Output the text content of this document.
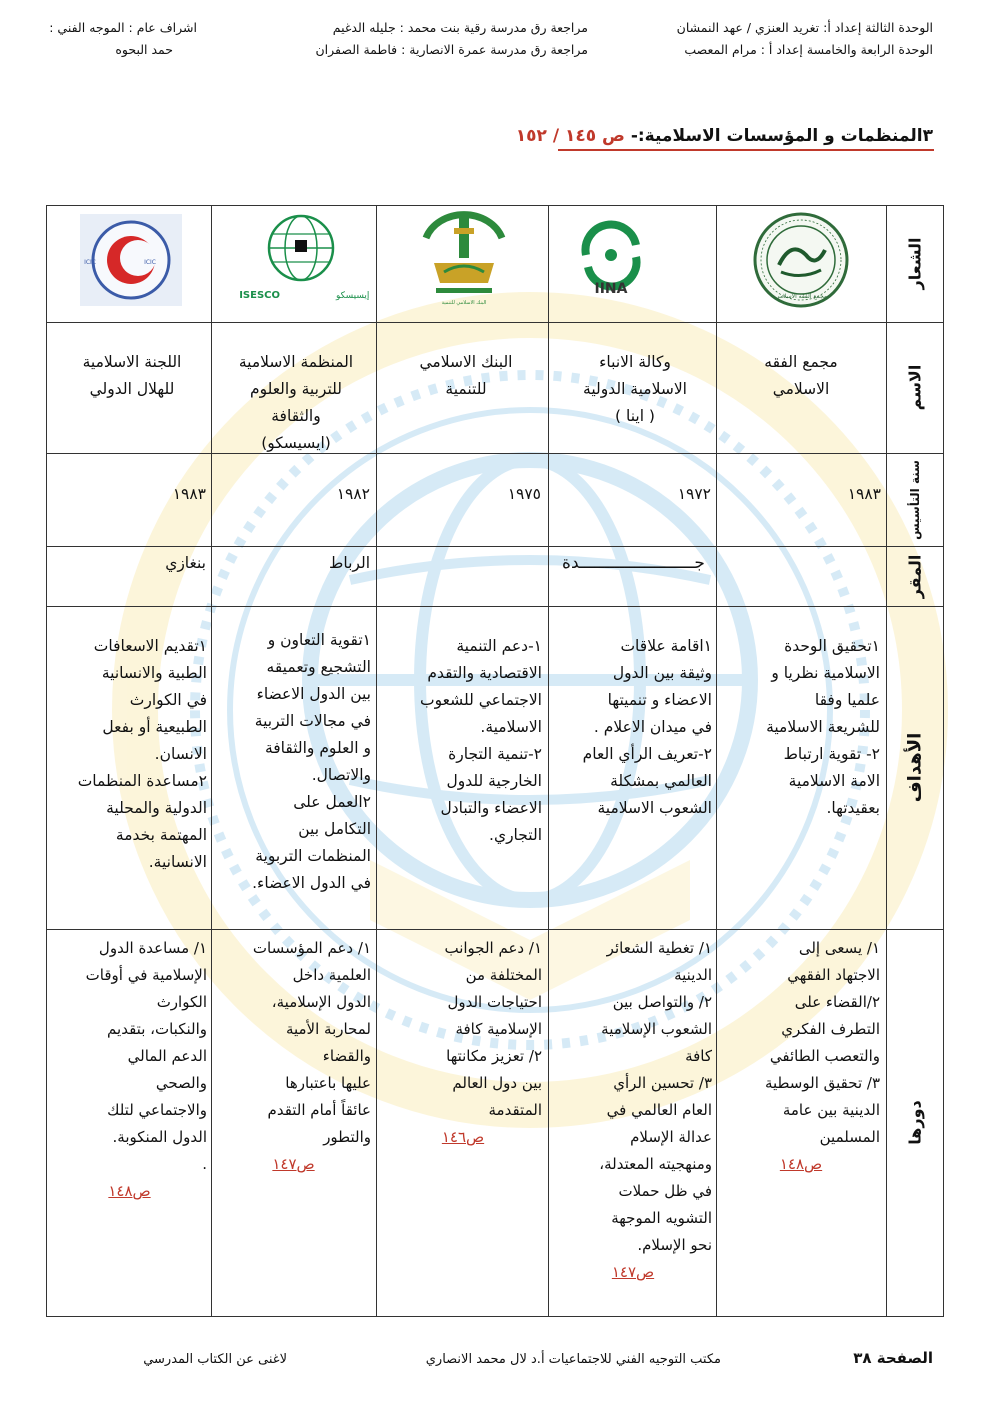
الوحدة الثالثة إعداد أ: تغريد العنزي / عهد النمشان
مراجعة رق مدرسة رقية بنت محمد : جليله الدغيم
اشراف عام : الموجه الفني :
الوحدة الرابعة والخامسة إعداد أ : مرام المعصب
مراجعة رق مدرسة عمرة الانصارية : فاطمة الصفران
حمد البحوه
٣المنظمات و المؤسسات الاسلامية:- ص ١٤٥ / ١٥٢
الشعار
الاسم
سنة التأسيس
المقر
الأهداف
دورها
مجمع الفقه الاسلامي
IINA
البنك الاسلامي للتنمية
ISESCO	إيسيسكو
ICIC	ICIC
مجمع الفقه
الاسلامي
وكالة الانباء
الاسلامية الدولية
( اينا )
البنك الاسلامي
للتنمية
المنظمة الاسلامية
للتربية والعلوم
والثقافة
(ايسيسكو)
اللجنة الاسلامية
للهلال الدولي
١٩٨٣
١٩٧٢
١٩٧٥
١٩٨٢
١٩٨٣
جـــــــــــــــــــــــدة
الرباط
بنغازي
١تحقيق الوحدة
الاسلامية نظريا و
علميا وفقا
للشريعة الاسلامية
٢- تقوية ارتباط
الامة الاسلامية
بعقيدتها.
١اقامة علاقات
وثيقة بين الدول
الاعضاء و تنميتها
في ميدان الاعلام .
٢-تعريف الرأي العام
العالمي بمشكلة
الشعوب الاسلامية
١-دعم التنمية
الاقتصادية والتقدم
الاجتماعي للشعوب
الاسلامية.
٢-تنمية التجارة
الخارجية للدول
الاعضاء والتبادل
التجاري.
١تقوية التعاون و
التشجيع وتعميقه
بين الدول الاعضاء
في مجالات التربية
و العلوم والثقافة
والاتصال.
٢العمل على
التكامل بين
المنظمات التربوية
في الدول الاعضاء.
١تقديم الاسعافات
الطبية والانسانية
في الكوارث
الطبيعية أو بفعل
الانسان.
٢مساعدة المنظمات
الدولية والمحلية
المهتمة بخدمة
الانسانية.
١/ يسعى إلى
الاجتهاد الفقهي
٢/القضاء على
التطرف الفكري
والتعصب الطائفي
٣/ تحقيق الوسطية
الدينية بين عامة
المسلمين
ص١٤٨
١/ تغطية الشعائر
الدينية
٢/ والتواصل بين
الشعوب الإسلامية
كافة
٣/ تحسين الرأي
العام العالمي في
عدالة الإسلام
ومنهجيته المعتدلة،
في ظل حملات
التشويه الموجهة
نحو الإسلام.
ص١٤٧
١/ دعم الجوانب
المختلفة من
احتياجات الدول
الإسلامية كافة
٢/ تعزيز مكانتها
بين دول العالم
المتقدمة
ص١٤٦
١/ دعم المؤسسات
العلمية داخل
الدول الإسلامية،
لمحاربة الأمية
والقضاء
عليها باعتبارها
عائقاً أمام التقدم
والتطور
ص١٤٧
١/ مساعدة الدول
الإسلامية في أوقات
الكوارث
والنكبات، بتقديم
الدعم المالي
والصحي
والاجتماعي لتلك
الدول المنكوبة.
.
ص١٤٨
الصفحة ٣٨
مكتب التوجيه الفني للاجتماعيات أ.د لال محمد الانصاري
لاغنى عن الكتاب المدرسي
